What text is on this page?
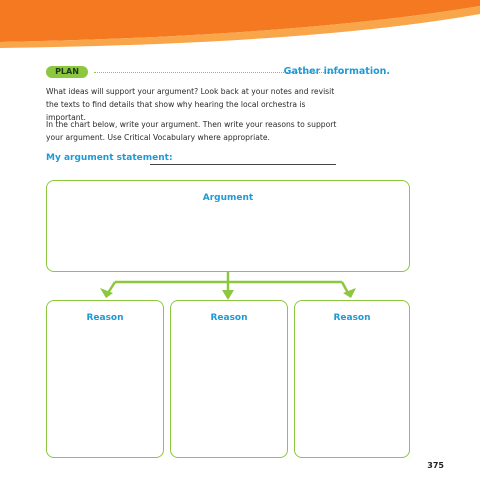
PLAN	Gather information.
What ideas will support your argument? Look back at your notes and revisit the texts to find details that show why hearing the local orchestra is important.
In the chart below, write your argument. Then write your reasons to support your argument. Use Critical Vocabulary where appropriate.
My argument statement:
Argument
Reason	Reason	Reason
375
